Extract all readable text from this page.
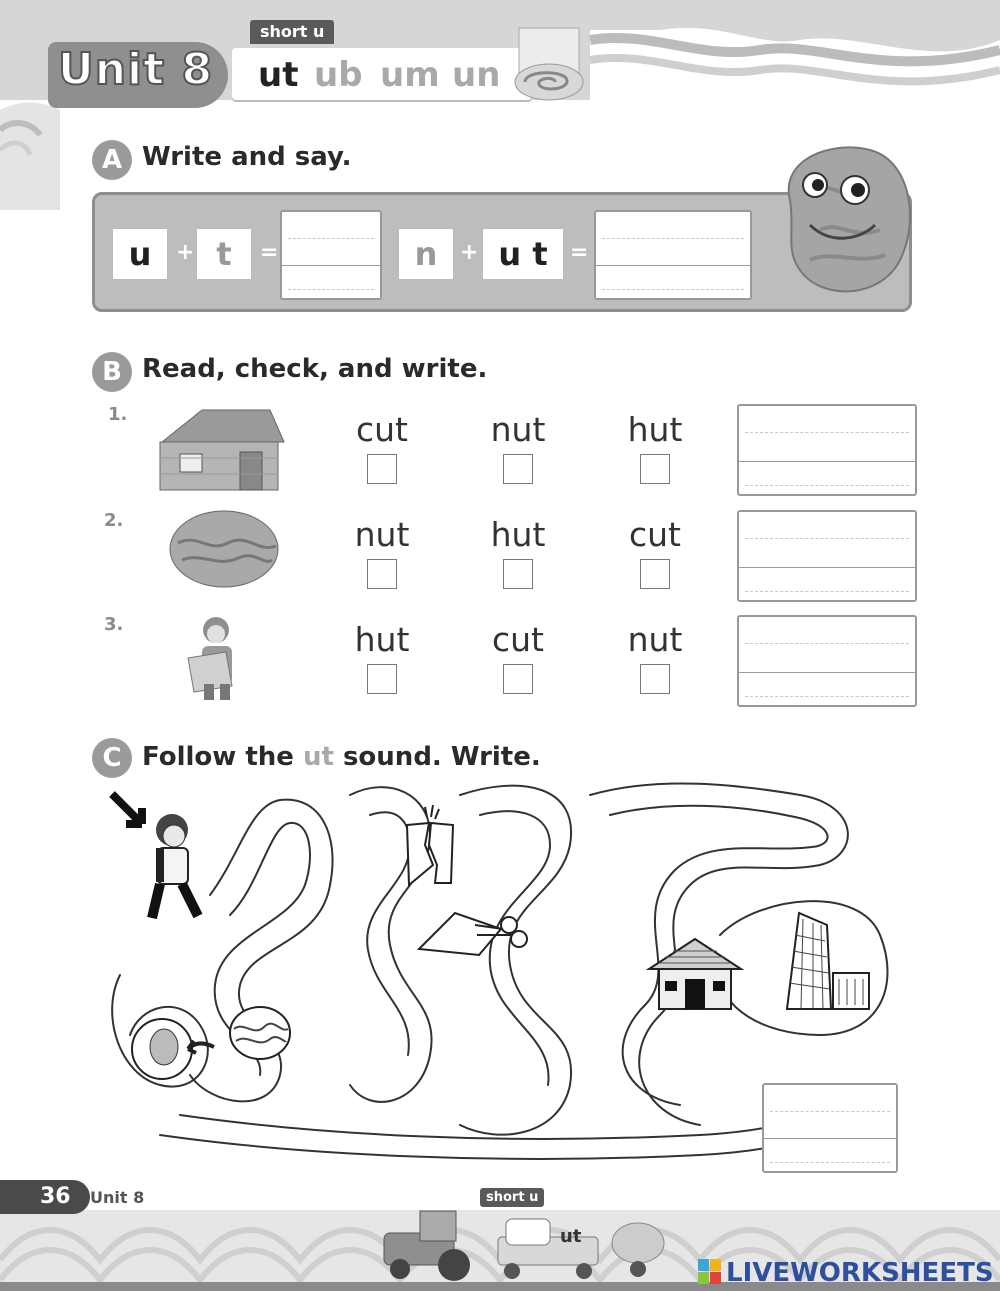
Unit 8
short u
ut ub um un
A Write and say.
u	+ t	=	n	+ u t	=
B Read, check, and write.
1.	cut	nut	hut
2.	nut	hut	cut
3.	hut	cut	nut
C Follow the ut sound. Write.
36 Unit 8	short u
ut
LIVEWORKSHEETS
